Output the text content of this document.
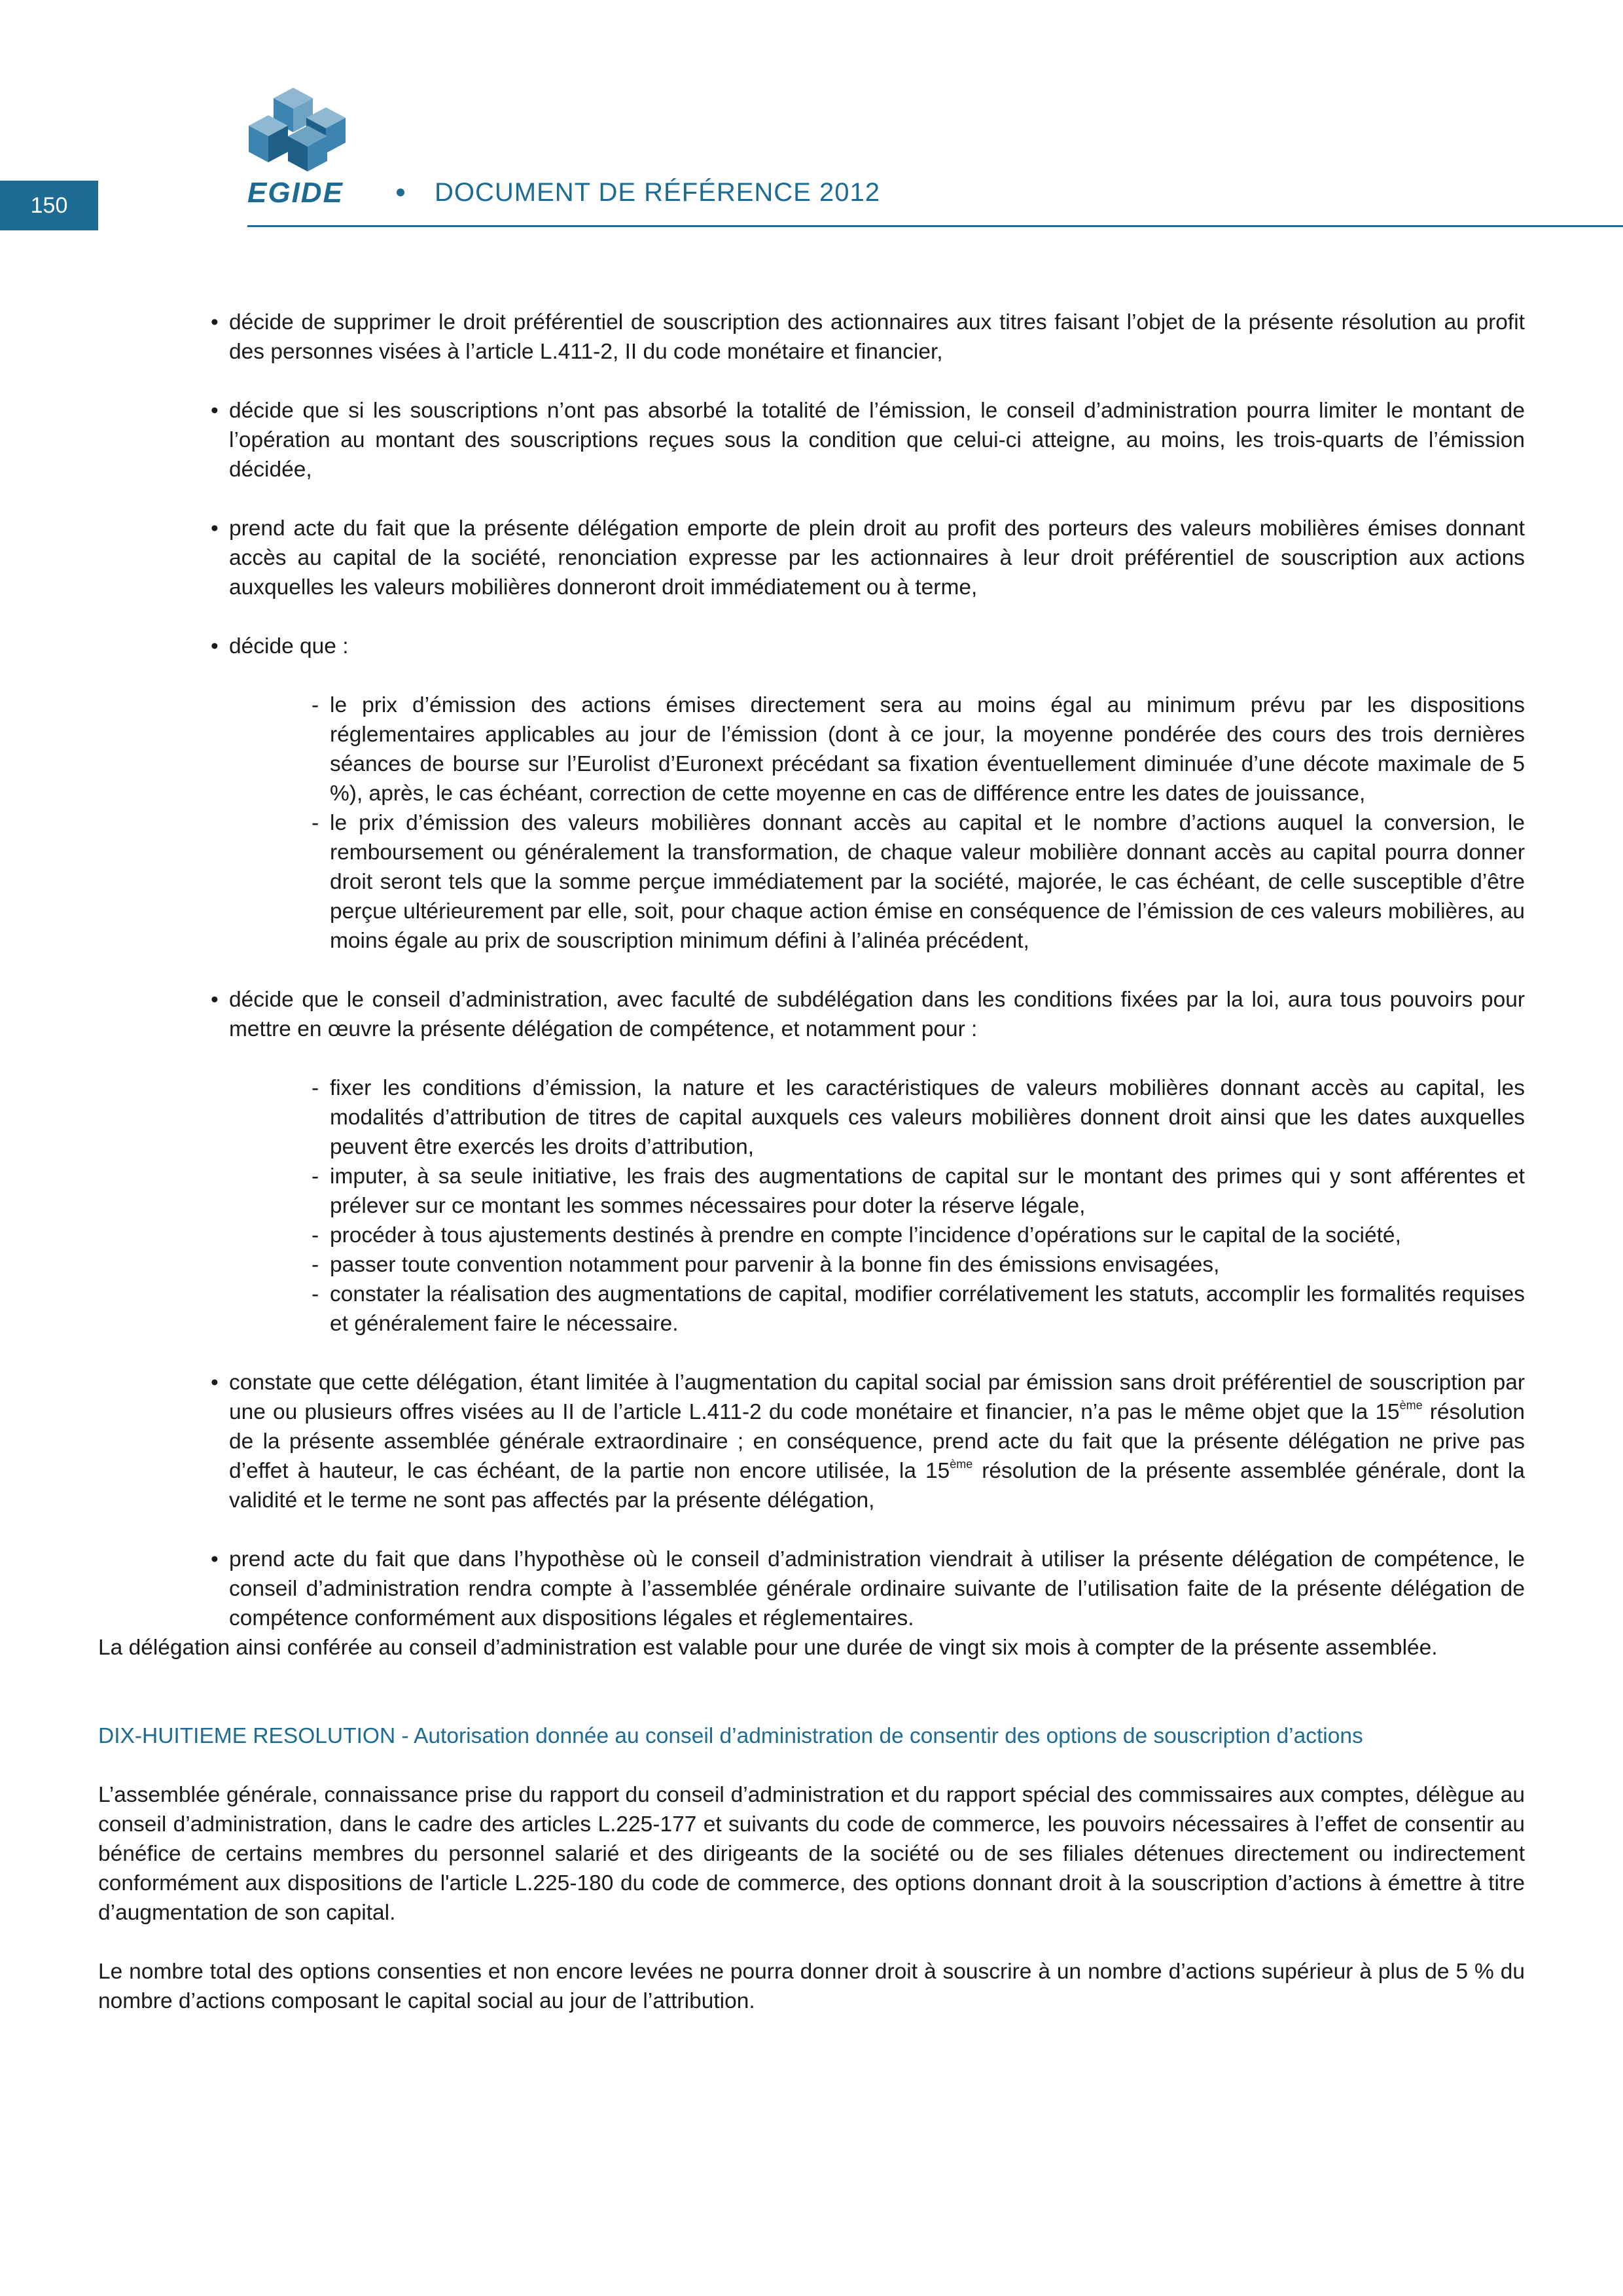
150	EGIDE	DOCUMENT DE RÉFÉRENCE 2012

• décide de supprimer le droit préférentiel de souscription des actionnaires aux titres faisant l’objet de la présente résolution au profit des personnes visées à l’article L.411-2, II du code monétaire et financier,

• décide que si les souscriptions n’ont pas absorbé la totalité de l’émission, le conseil d’administration pourra limiter le montant de l’opération au montant des souscriptions reçues sous la condition que celui-ci atteigne, au moins, les trois-quarts de l’émission décidée,

• prend acte du fait que la présente délégation emporte de plein droit au profit des porteurs des valeurs mobilières émises donnant accès au capital de la société, renonciation expresse par les actionnaires à leur droit préférentiel de souscription aux actions auxquelles les valeurs mobilières donneront droit immédiatement ou à terme,

• décide que :

- le prix d’émission des actions émises directement sera au moins égal au minimum prévu par les dispositions réglementaires applicables au jour de l’émission (dont à ce jour, la moyenne pondérée des cours des trois dernières séances de bourse sur l’Eurolist d’Euronext précédant sa fixation éventuellement diminuée d’une décote maximale de 5 %), après, le cas échéant, correction de cette moyenne en cas de différence entre les dates de jouissance,

- le prix d’émission des valeurs mobilières donnant accès au capital et le nombre d’actions auquel la conversion, le remboursement ou généralement la transformation, de chaque valeur mobilière donnant accès au capital pourra donner droit seront tels que la somme perçue immédiatement par la société, majorée, le cas échéant, de celle susceptible d’être perçue ultérieurement par elle, soit, pour chaque action émise en conséquence de l’émission de ces valeurs mobilières, au moins égale au prix de souscription minimum défini à l’alinéa précédent,

• décide que le conseil d’administration, avec faculté de subdélégation dans les conditions fixées par la loi, aura tous pouvoirs pour mettre en œuvre la présente délégation de compétence, et notamment pour :

- fixer les conditions d’émission, la nature et les caractéristiques de valeurs mobilières donnant accès au capital, les modalités d’attribution de titres de capital auxquels ces valeurs mobilières donnent droit ainsi que les dates auxquelles peuvent être exercés les droits d’attribution,

- imputer, à sa seule initiative, les frais des augmentations de capital sur le montant des primes qui y sont afférentes et prélever sur ce montant les sommes nécessaires pour doter la réserve légale,

- procéder à tous ajustements destinés à prendre en compte l’incidence d’opérations sur le capital de la société,

- passer toute convention notamment pour parvenir à la bonne fin des émissions envisagées,

- constater la réalisation des augmentations de capital, modifier corrélativement les statuts, accomplir les formalités requises et généralement faire le nécessaire.

• constate que cette délégation, étant limitée à l’augmentation du capital social par émission sans droit préférentiel de souscription par une ou plusieurs offres visées au II de l’article L.411-2 du code monétaire et financier, n’a pas le même objet que la 15ème résolution de la présente assemblée générale extraordinaire ; en conséquence, prend acte du fait que la présente délégation ne prive pas d’effet à hauteur, le cas échéant, de la partie non encore utilisée, la 15ème résolution de la présente assemblée générale, dont la validité et le terme ne sont pas affectés par la présente délégation,

• prend acte du fait que dans l’hypothèse où le conseil d’administration viendrait à utiliser la présente délégation de compétence, le conseil d’administration rendra compte à l’assemblée générale ordinaire suivante de l’utilisation faite de la présente délégation de compétence conformément aux dispositions légales et réglementaires.

La délégation ainsi conférée au conseil d’administration est valable pour une durée de vingt six mois à compter de la présente assemblée.

DIX-HUITIEME RESOLUTION - Autorisation donnée au conseil d’administration de consentir des options de souscription d’actions

L’assemblée générale, connaissance prise du rapport du conseil d’administration et du rapport spécial des commissaires aux comptes, délègue au conseil d’administration, dans le cadre des articles L.225-177 et suivants du code de commerce, les pouvoirs nécessaires à l’effet de consentir au bénéfice de certains membres du personnel salarié et des dirigeants de la société ou de ses filiales détenues directement ou indirectement conformément aux dispositions de l'article L.225-180 du code de commerce, des options donnant droit à la souscription d’actions à émettre à titre d’augmentation de son capital.

Le nombre total des options consenties et non encore levées ne pourra donner droit à souscrire à un nombre d’actions supérieur à plus de 5 % du nombre d’actions composant le capital social au jour de l’attribution.
